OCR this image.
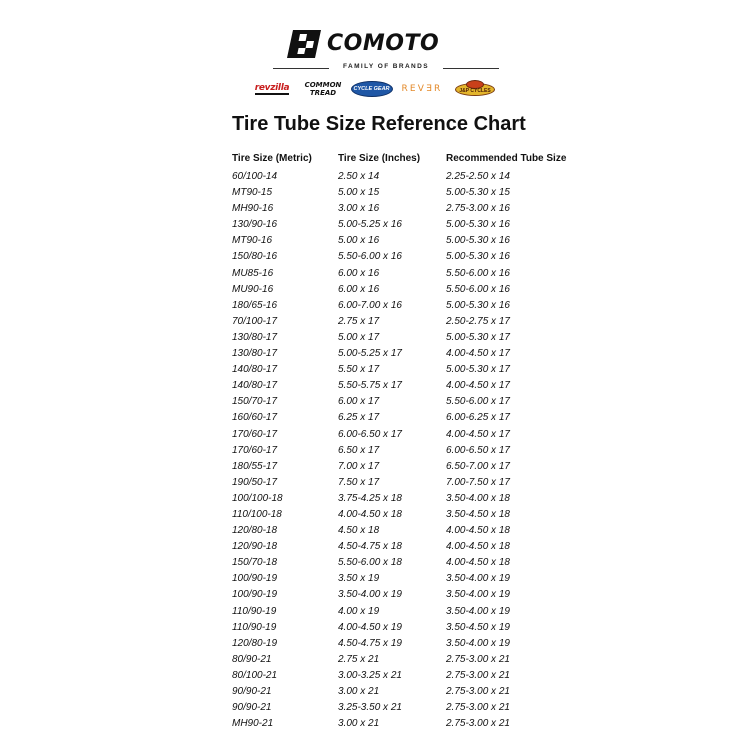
COMOTO
FAMILY OF BRANDS
revzilla COMMON TREAD	CYCLE GEAR REV∃R	J&P CYCLES
Tire Tube Size Reference Chart
Tire Size (Metric)	Tire Size (Inches)	Recommended Tube Size
60/100-14	2.50 x 14	2.25-2.50 x 14
MT90-15	5.00 x 15	5.00-5.30 x 15
MH90-16	3.00 x 16	2.75-3.00 x 16
130/90-16	5.00-5.25 x 16	5.00-5.30 x 16
MT90-16	5.00 x 16	5.00-5.30 x 16
150/80-16	5.50-6.00 x 16	5.00-5.30 x 16
MU85-16	6.00 x 16	5.50-6.00 x 16
MU90-16	6.00 x 16	5.50-6.00 x 16
180/65-16	6.00-7.00 x 16	5.00-5.30 x 16
70/100-17	2.75 x 17	2.50-2.75 x 17
130/80-17	5.00 x 17	5.00-5.30 x 17
130/80-17	5.00-5.25 x 17	4.00-4.50 x 17
140/80-17	5.50 x 17	5.00-5.30 x 17
140/80-17	5.50-5.75 x 17	4.00-4.50 x 17
150/70-17	6.00 x 17	5.50-6.00 x 17
160/60-17	6.25 x 17	6.00-6.25 x 17
170/60-17	6.00-6.50 x 17	4.00-4.50 x 17
170/60-17	6.50 x 17	6.00-6.50 x 17
180/55-17	7.00 x 17	6.50-7.00 x 17
190/50-17	7.50 x 17	7.00-7.50 x 17
100/100-18	3.75-4.25 x 18	3.50-4.00 x 18
110/100-18	4.00-4.50 x 18	3.50-4.50 x 18
120/80-18	4.50 x 18	4.00-4.50 x 18
120/90-18	4.50-4.75 x 18	4.00-4.50 x 18
150/70-18	5.50-6.00 x 18	4.00-4.50 x 18
100/90-19	3.50 x 19	3.50-4.00 x 19
100/90-19	3.50-4.00 x 19	3.50-4.00 x 19
110/90-19	4.00 x 19	3.50-4.00 x 19
110/90-19	4.00-4.50 x 19	3.50-4.50 x 19
120/80-19	4.50-4.75 x 19	3.50-4.00 x 19
80/90-21	2.75 x 21	2.75-3.00 x 21
80/100-21	3.00-3.25 x 21	2.75-3.00 x 21
90/90-21	3.00 x 21	2.75-3.00 x 21
90/90-21	3.25-3.50 x 21	2.75-3.00 x 21
MH90-21	3.00 x 21	2.75-3.00 x 21
